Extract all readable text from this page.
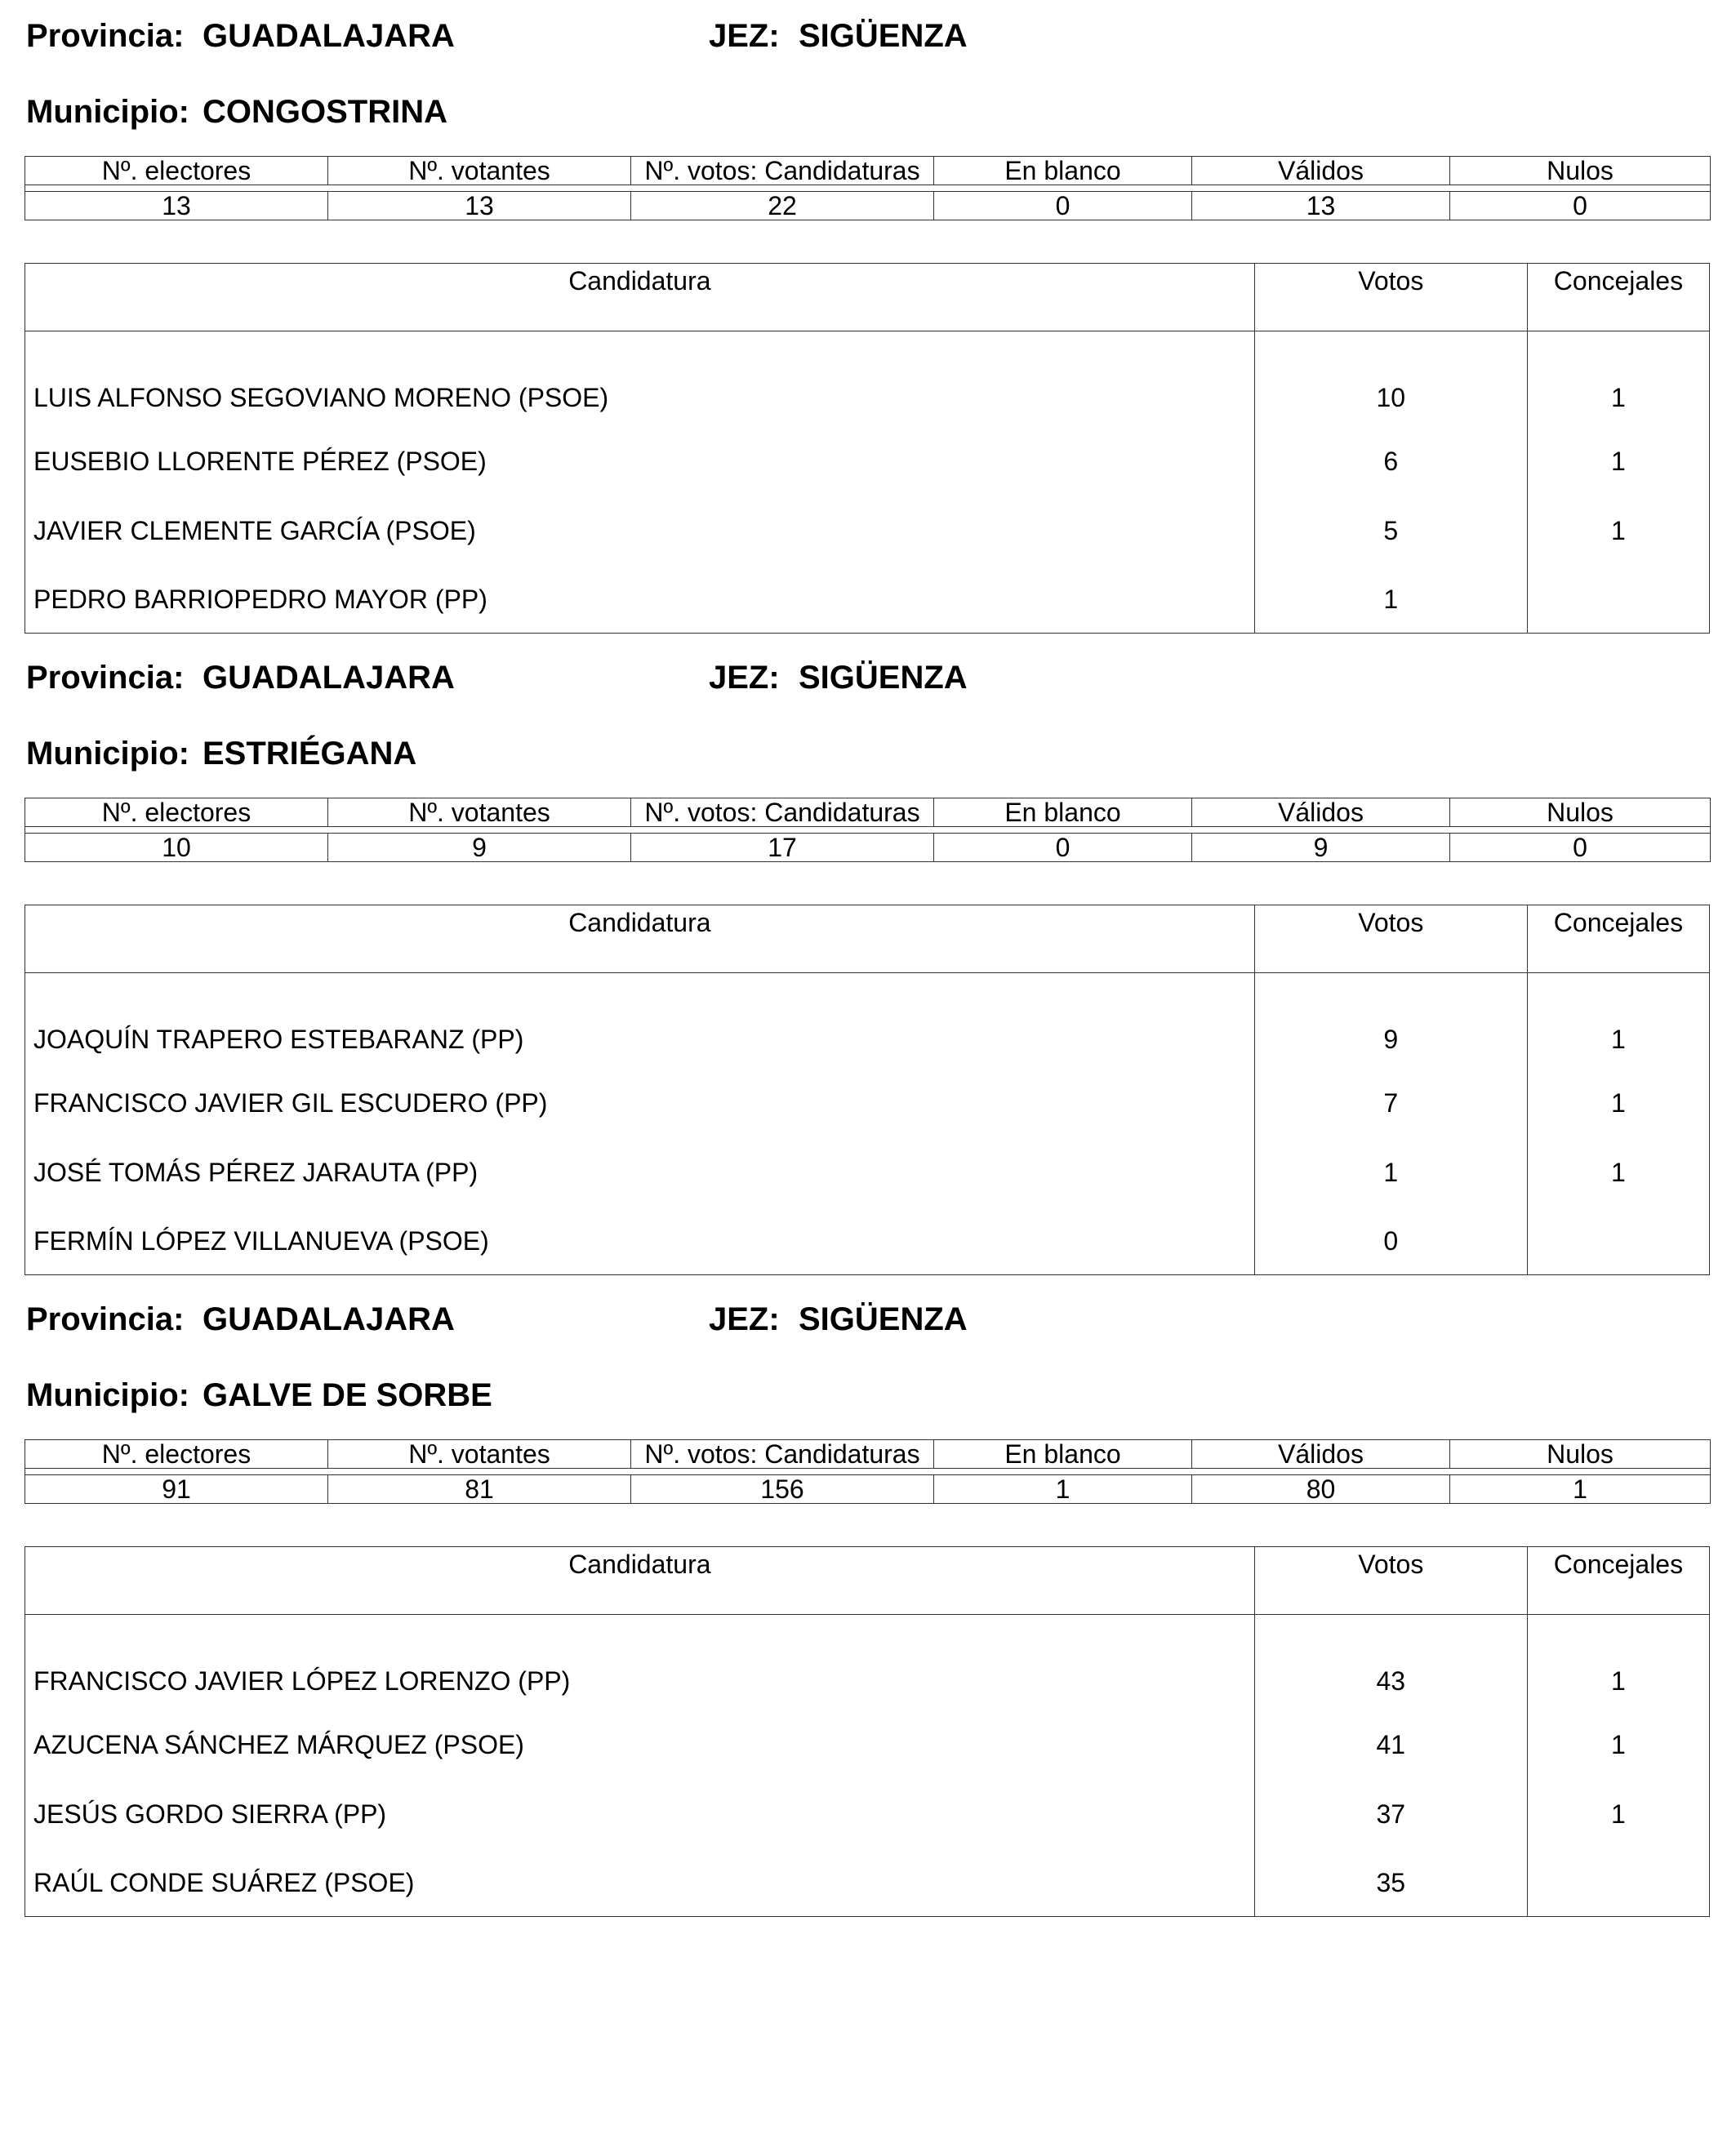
Provincia: GUADALAJARA	JEZ: SIGÜENZA
Municipio: CONGOSTRINA
Nº. electores	Nº. votantes	Nº. votos: Candidaturas	En blanco	Válidos	Nulos

13	13	22	0	13	0
Candidatura	Votos	Concejales
LUIS ALFONSO SEGOVIANO MORENO (PSOE)	10	1
EUSEBIO LLORENTE PÉREZ (PSOE)	6	1
JAVIER CLEMENTE GARCÍA (PSOE)	5	1
PEDRO BARRIOPEDRO MAYOR (PP)	1	
Provincia: GUADALAJARA	JEZ: SIGÜENZA
Municipio: ESTRIÉGANA
Nº. electores	Nº. votantes	Nº. votos: Candidaturas	En blanco	Válidos	Nulos

10	9	17	0	9	0
Candidatura	Votos	Concejales
JOAQUÍN TRAPERO ESTEBARANZ (PP)	9	1
FRANCISCO JAVIER GIL ESCUDERO (PP)	7	1
JOSÉ TOMÁS PÉREZ JARAUTA (PP)	1	1
FERMÍN LÓPEZ VILLANUEVA (PSOE)	0	
Provincia: GUADALAJARA	JEZ: SIGÜENZA
Municipio: GALVE DE SORBE
Nº. electores	Nº. votantes	Nº. votos: Candidaturas	En blanco	Válidos	Nulos

91	81	156	1	80	1
Candidatura	Votos	Concejales
FRANCISCO JAVIER LÓPEZ LORENZO (PP)	43	1
AZUCENA SÁNCHEZ MÁRQUEZ (PSOE)	41	1
JESÚS GORDO SIERRA (PP)	37	1
RAÚL CONDE SUÁREZ (PSOE)	35	
